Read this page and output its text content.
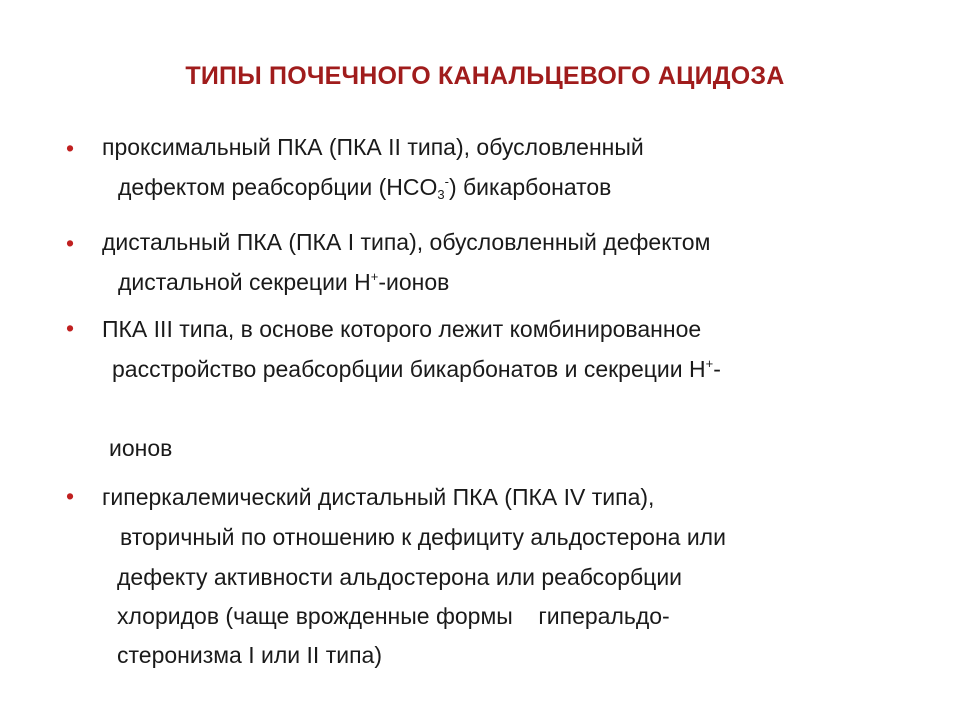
ТИПЫ ПОЧЕЧНОГО КАНАЛЬЦЕВОГО АЦИДОЗА
• проксимальный ПКА (ПКА II типа), обусловленный
дефектом реабсорбции $(HCO_3^-)$ бикарбонатов
• дистальный ПКА (ПКА I типа), обусловленный дефектом
дистальной секреции Н+-ионов
• ПКА III типа, в основе которого лежит комбинированное
расстройство реабсорбции бикарбонатов и секреции Н+-
ионов
• гиперкалемический дистальный ПКА (ПКА IV типа),
вторичный по отношению к дефициту альдостерона или
дефекту активности альдостерона или реабсорбции
хлоридов (чаще врожденные формы    гиперальдо-
стеронизма I или II типа)
